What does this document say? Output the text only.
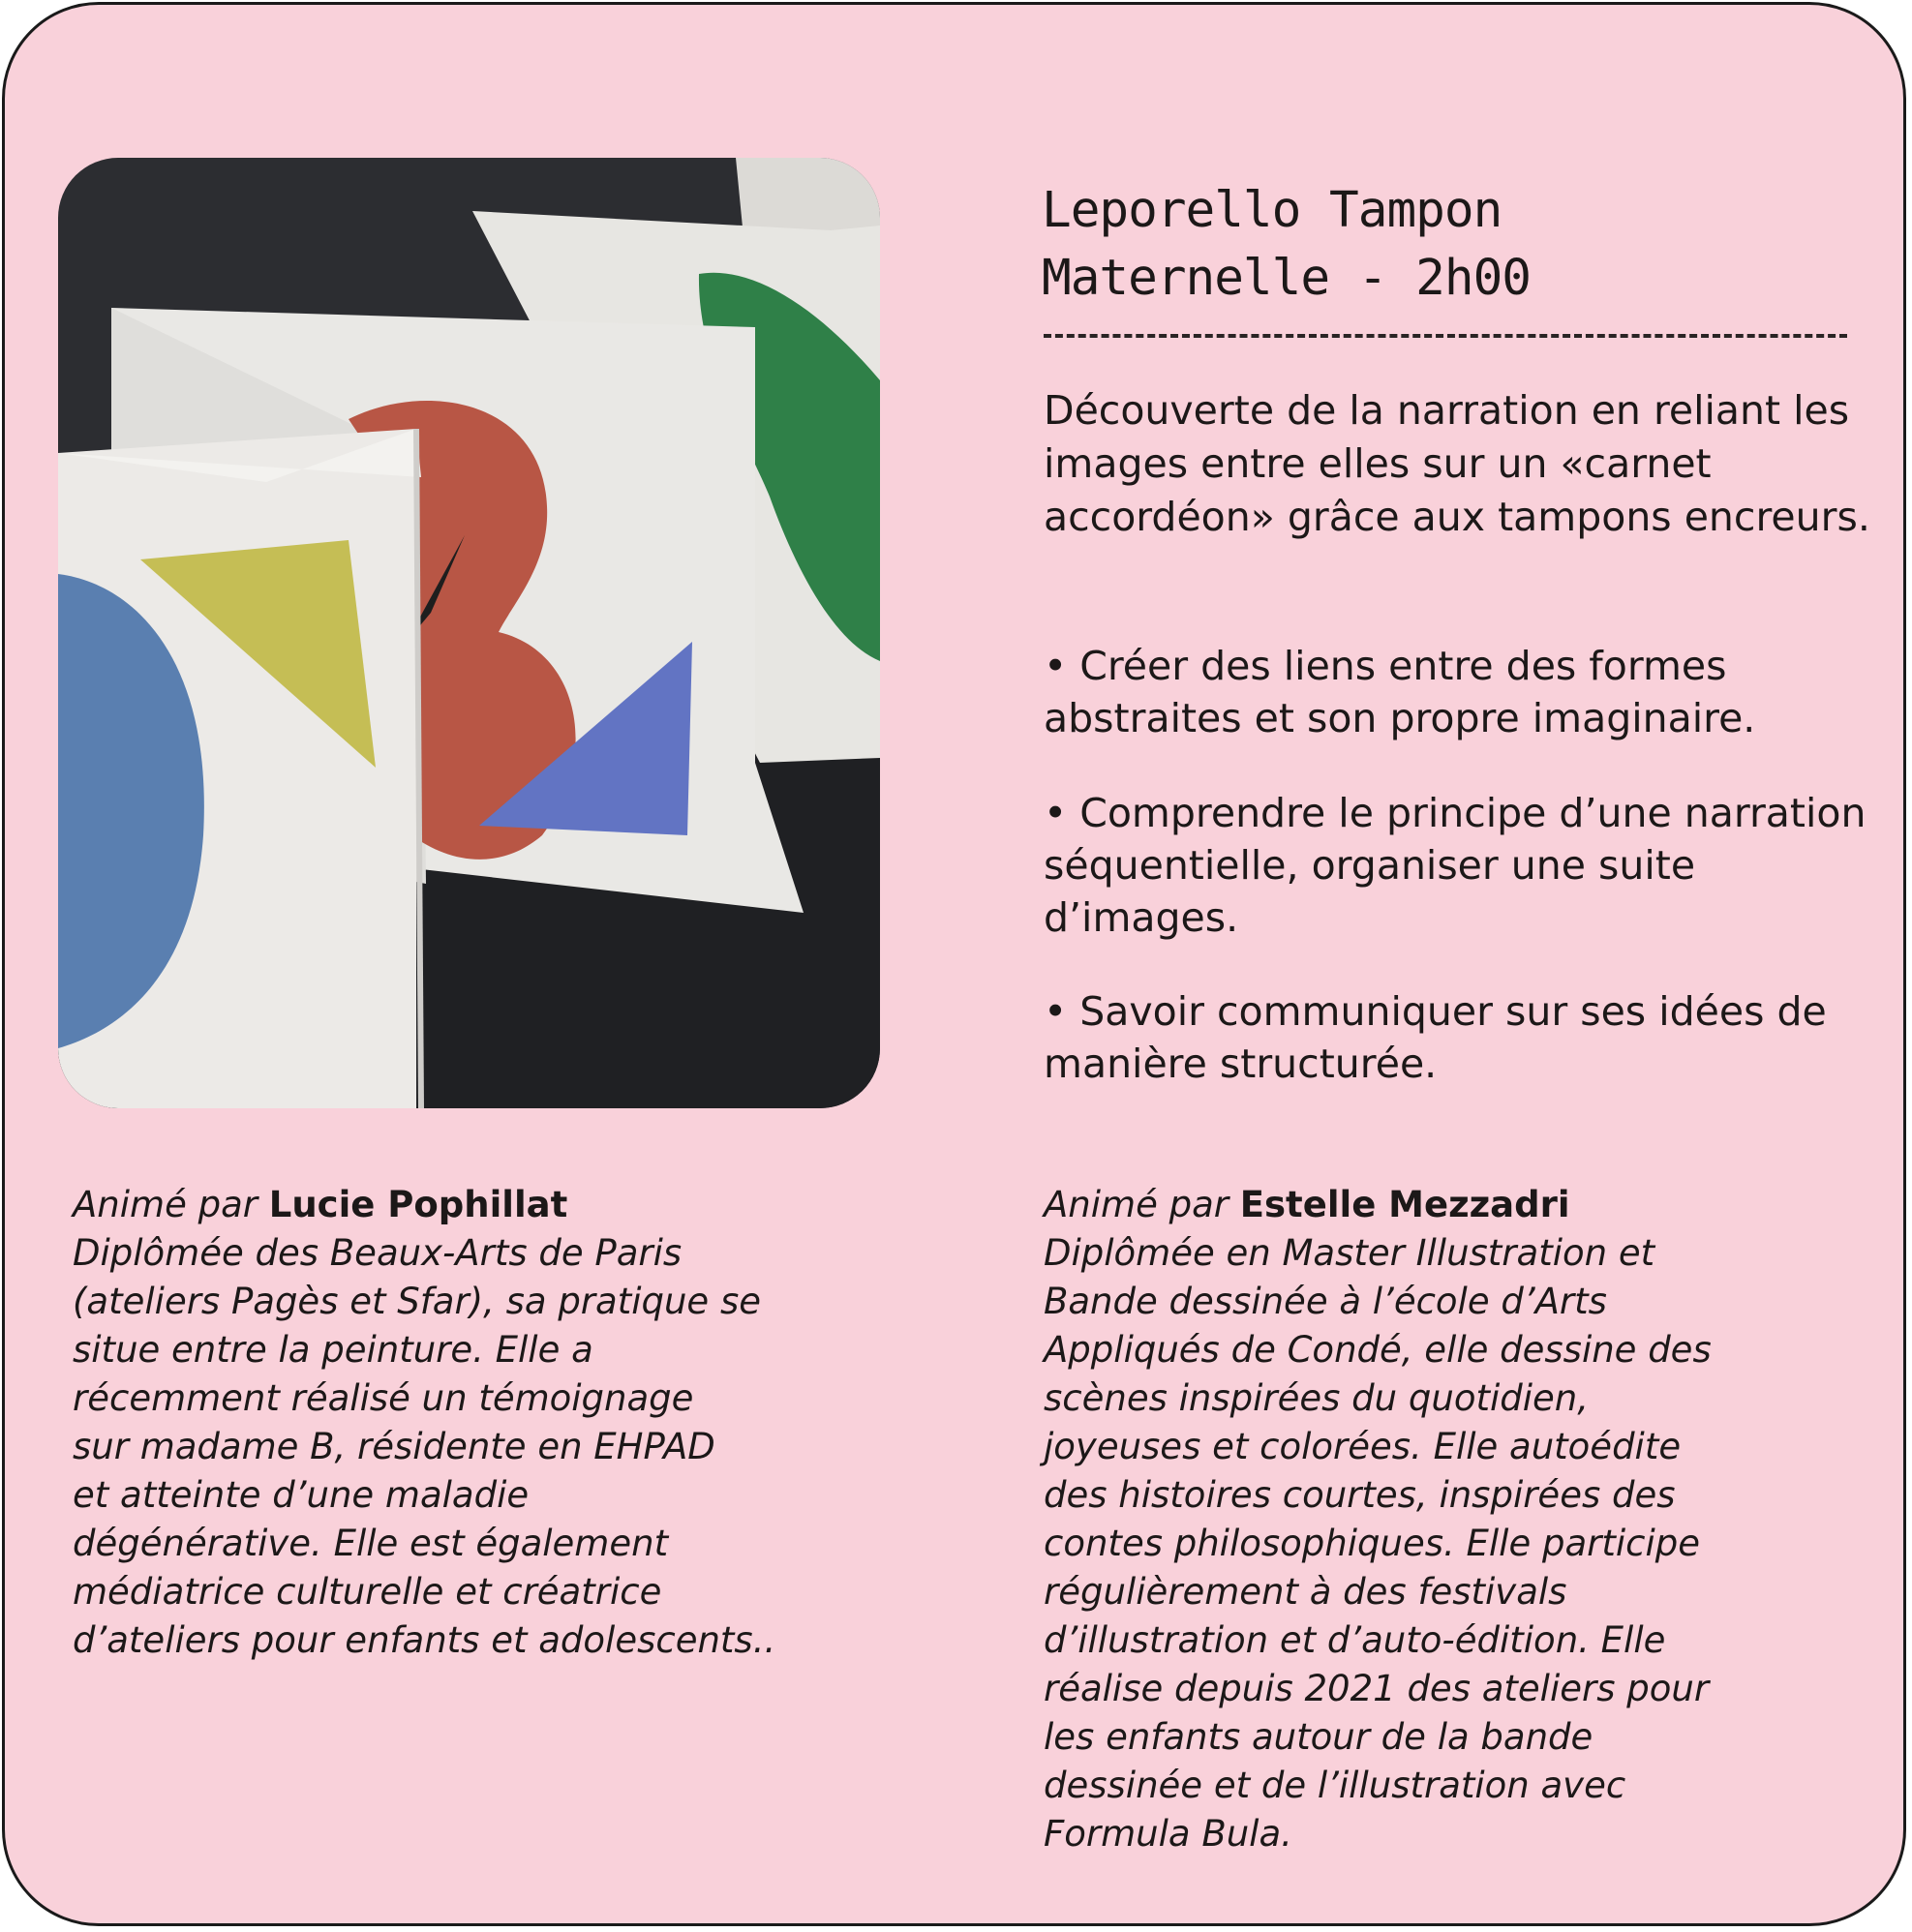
Leporello Tampon
Maternelle - 2h00

Découverte de la narration en reliant les images entre elles sur un «carnet accordéon» grâce aux tampons encreurs.

• Créer des liens entre des formes abstraites et son propre imaginaire.

• Comprendre le principe d’une narration séquentielle, organiser une suite d’images.

• Savoir communiquer sur ses idées de manière structurée.

Animé par Lucie Pophillat
Diplômée des Beaux-Arts de Paris
(ateliers Pagès et Sfar), sa pratique se
situe entre la peinture. Elle a
récemment réalisé un témoignage
sur madame B, résidente en EHPAD
et atteinte d’une maladie
dégénérative. Elle est également
médiatrice culturelle et créatrice
d’ateliers pour enfants et adolescents..
Animé par Estelle Mezzadri
Diplômée en Master Illustration et
Bande dessinée à l’école d’Arts
Appliqués de Condé, elle dessine des
scènes inspirées du quotidien,
joyeuses et colorées. Elle autoédite
des histoires courtes, inspirées des
contes philosophiques. Elle participe
régulièrement à des festivals
d’illustration et d’auto-édition. Elle
réalise depuis 2021 des ateliers pour
les enfants autour de la bande
dessinée et de l’illustration avec
Formula Bula.
